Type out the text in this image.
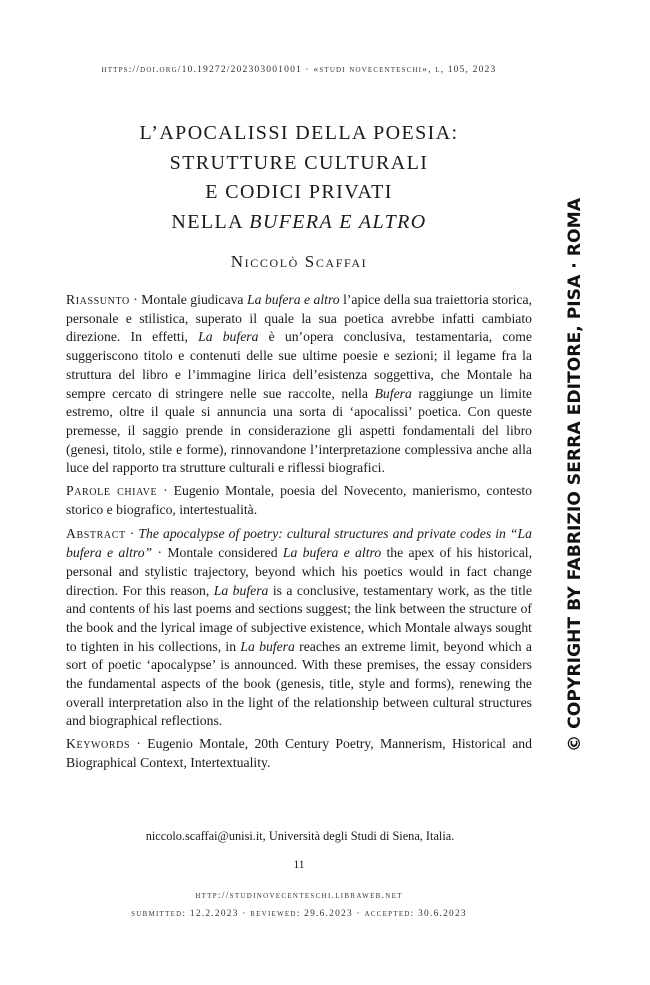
https://doi.org/10.19272/202303001001 · «studi novecenteschi», l, 105, 2023
L’APOCALISSI DELLA POESIA:
STRUTTURE CULTURALI
E CODICI PRIVATI
NELLA BUFERA E ALTRO
Niccolò Scaffai

Riassunto · Montale giudicava La bufera e altro l’apice della sua traiettoria storica, personale e stilistica, superato il quale la sua poetica avrebbe infatti cambiato direzione. In effetti, La bufera è un’opera conclusiva, testamentaria, come suggeriscono titolo e contenuti delle sue ultime poesie e sezioni; il legame fra la struttura del libro e l’immagine lirica dell’esistenza soggettiva, che Montale ha sempre cercato di stringere nelle sue raccolte, nella Bufera raggiunge un limite estremo, oltre il quale si annuncia una sorta di ‘apocalissi’ poetica. Con queste premesse, il saggio prende in considerazione gli aspetti fondamentali del libro (genesi, titolo, stile e forme), rinnovandone l’interpretazione complessiva anche alla luce del rapporto tra strutture culturali e riflessi biografici.

Parole chiave · Eugenio Montale, poesia del Novecento, manierismo, contesto storico e biografico, intertestualità.

Abstract · The apocalypse of poetry: cultural structures and private codes in “La bufera e altro” · Montale considered La bufera e altro the apex of his historical, personal and stylistic trajectory, beyond which his poetics would in fact change direction. For this reason, La bufera is a conclusive, testamentary work, as the title and contents of his last poems and sections suggest; the link between the structure of the book and the lyrical image of subjective existence, which Montale always sought to tighten in his collections, in La bufera reaches an extreme limit, beyond which a sort of poetic ‘apocalypse’ is announced. With these premises, the essay considers the fundamental aspects of the book (genesis, title, style and forms), renewing the overall interpretation also in the light of the relationship between cultural structures and biographical reflections.

Keywords · Eugenio Montale, 20th Century Poetry, Mannerism, Historical and Biographical Context, Intertextuality.

niccolo.scaffai@unisi.it, Università degli Studi di Siena, Italia.
11
http://studinovecenteschi.libraweb.net
submitted: 12.2.2023 · reviewed: 29.6.2023 · accepted: 30.6.2023
© COPYRIGHT BY FABRIZIO SERRA EDITORE, PISA · ROMA
